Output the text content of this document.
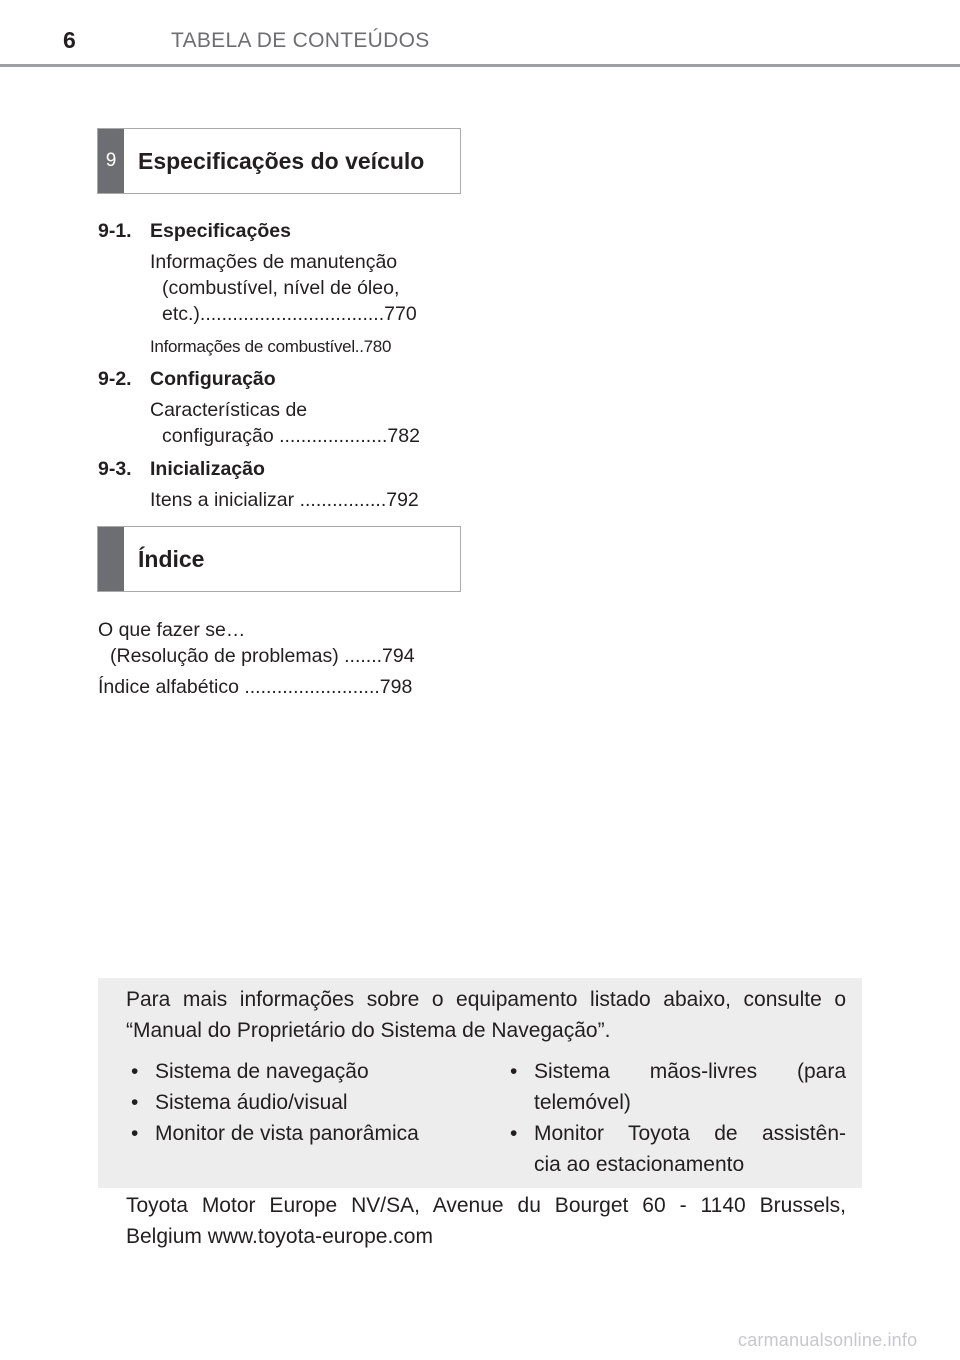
6	TABELA DE CONTEÚDOS
9 Especificações do veículo
9-1. Especificações
Informações de manutenção
(combustível, nível de óleo,
etc.)..................................770
Informações de combustível..780
9-2. Configuração
Características de
configuração ....................782
9-3. Inicialização
Itens a inicializar ................792
Índice
O que fazer se…
(Resolução de problemas) .......794
Índice alfabético .........................798
Para mais informações sobre o equipamento listado abaixo, consulte o “Manual do Proprietário do Sistema de Navegação”.
• Sistema de navegação
• Sistema áudio/visual
• Monitor de vista panorâmica
• Sistema mãos-livres (para
telemóvel)
• Monitor Toyota de assistên-
cia ao estacionamento
Toyota Motor Europe NV/SA, Avenue du Bourget 60 - 1140 Brussels, Belgium www.toyota-europe.com
carmanualsonline.info
